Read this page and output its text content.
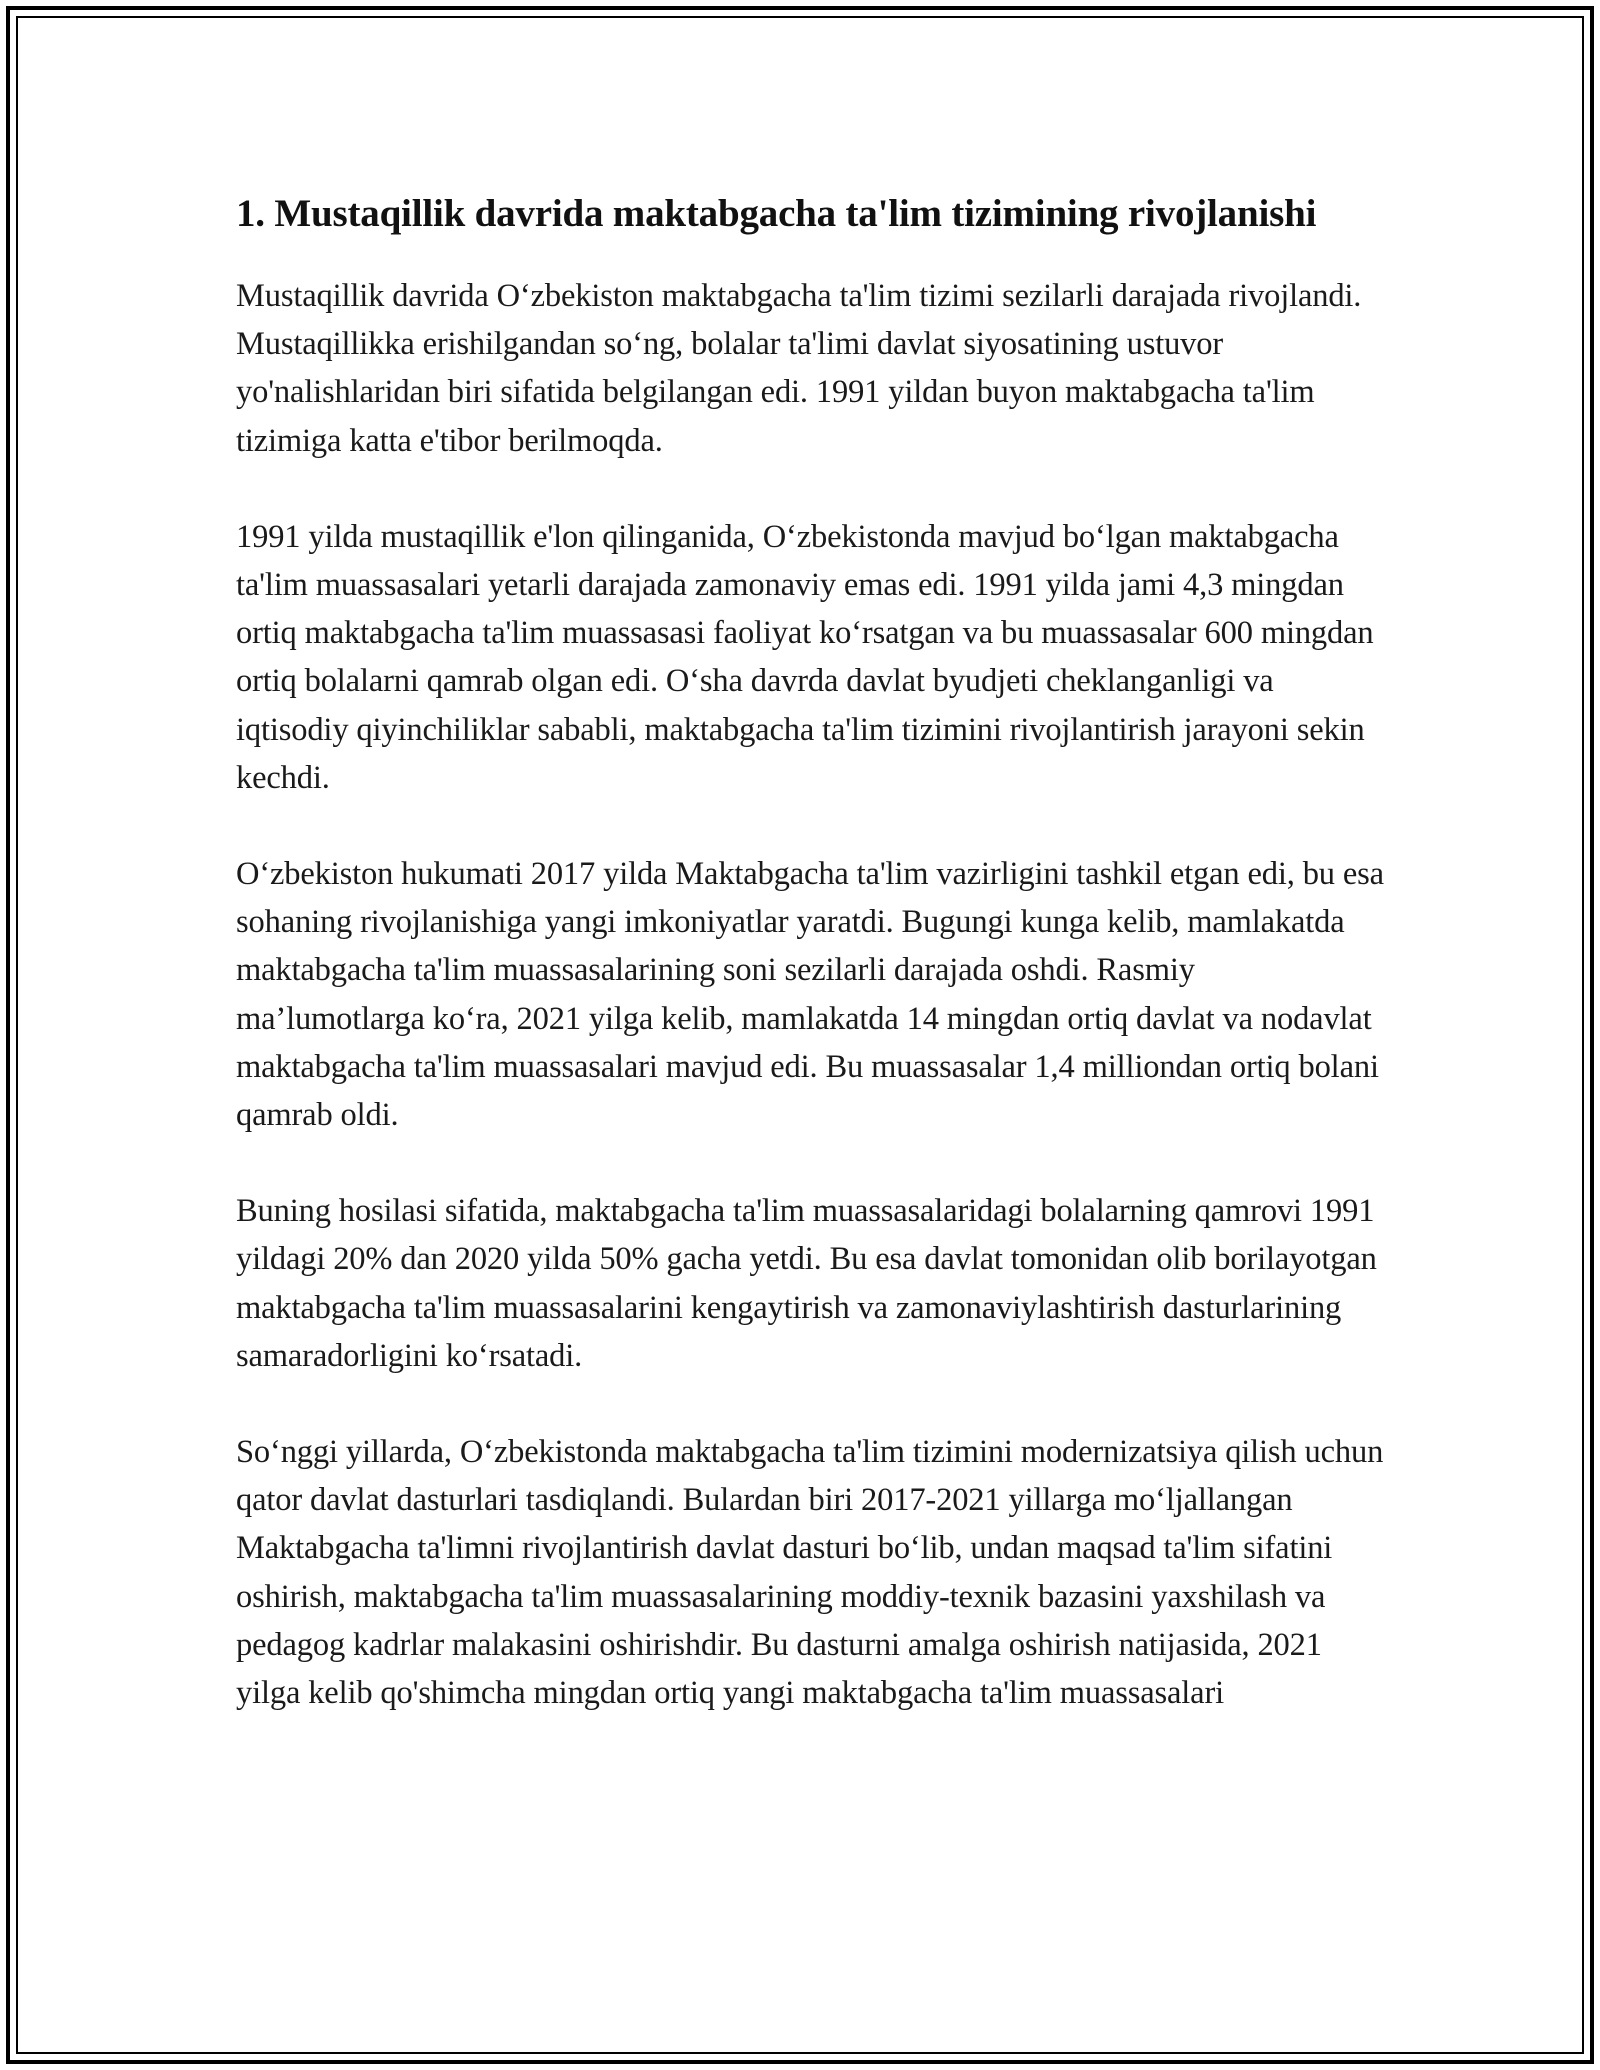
1. Mustaqillik davrida maktabgacha ta'lim tizimining rivojlanishi

Mustaqillik davrida O‘zbekiston maktabgacha ta'lim tizimi sezilarli darajada rivojlandi. Mustaqillikka erishilgandan so‘ng, bolalar ta'limi davlat siyosatining ustuvor yo'nalishlaridan biri sifatida belgilangan edi. 1991 yildan buyon maktabgacha ta'lim tizimiga katta e'tibor berilmoqda.

1991 yilda mustaqillik e'lon qilinganida, O‘zbekistonda mavjud bo‘lgan maktabgacha ta'lim muassasalari yetarli darajada zamonaviy emas edi. 1991 yilda jami 4,3 mingdan ortiq maktabgacha ta'lim muassasasi faoliyat ko‘rsatgan va bu muassasalar 600 mingdan ortiq bolalarni qamrab olgan edi. O‘sha davrda davlat byudjeti cheklanganligi va iqtisodiy qiyinchiliklar sababli, maktabgacha ta'lim tizimini rivojlantirish jarayoni sekin kechdi.

O‘zbekiston hukumati 2017 yilda Maktabgacha ta'lim vazirligini tashkil etgan edi, bu esa sohaning rivojlanishiga yangi imkoniyatlar yaratdi. Bugungi kunga kelib, mamlakatda maktabgacha ta'lim muassasalarining soni sezilarli darajada oshdi. Rasmiy ma’lumotlarga ko‘ra, 2021 yilga kelib, mamlakatda 14 mingdan ortiq davlat va nodavlat maktabgacha ta'lim muassasalari mavjud edi. Bu muassasalar 1,4 milliondan ortiq bolani qamrab oldi.

Buning hosilasi sifatida, maktabgacha ta'lim muassasalaridagi bolalarning qamrovi 1991 yildagi 20% dan 2020 yilda 50% gacha yetdi. Bu esa davlat tomonidan olib borilayotgan maktabgacha ta'lim muassasalarini kengaytirish va zamonaviylashtirish dasturlarining samaradorligini ko‘rsatadi.

So‘nggi yillarda, O‘zbekistonda maktabgacha ta'lim tizimini modernizatsiya qilish uchun qator davlat dasturlari tasdiqlandi. Bulardan biri 2017-2021 yillarga mo‘ljallangan Maktabgacha ta'limni rivojlantirish davlat dasturi bo‘lib, undan maqsad ta'lim sifatini oshirish, maktabgacha ta'lim muassasalarining moddiy-texnik bazasini yaxshilash va pedagog kadrlar malakasini oshirishdir. Bu dasturni amalga oshirish natijasida, 2021 yilga kelib qo'shimcha mingdan ortiq yangi maktabgacha ta'lim muassasalari
